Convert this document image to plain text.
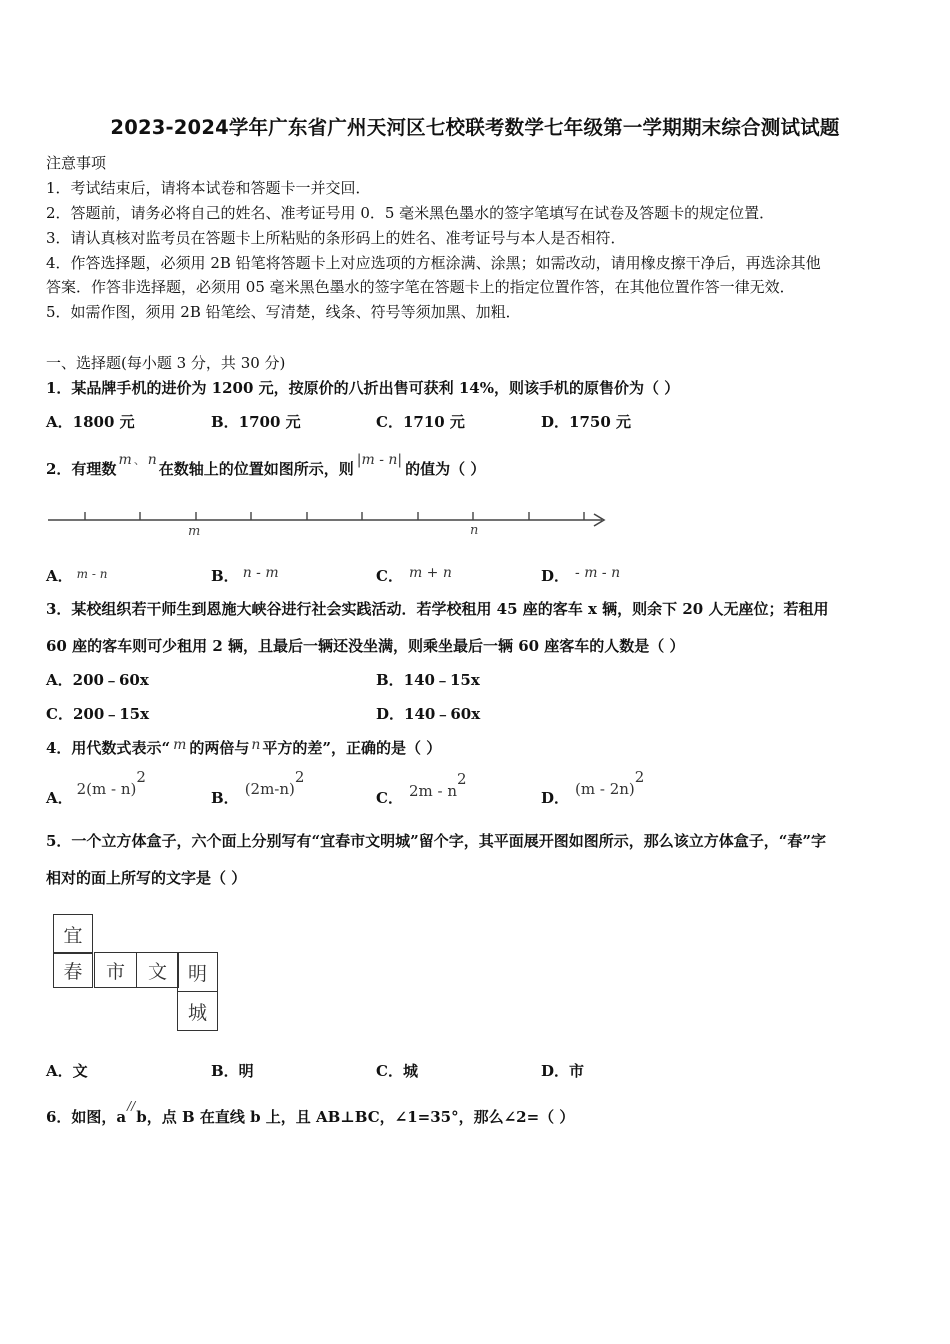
2023-2024学年广东省广州天河区七校联考数学七年级第一学期期末综合测试试题
注意事项
1．考试结束后，请将本试卷和答题卡一并交回．
2．答题前，请务必将自己的姓名、准考证号用 0．5 毫米黑色墨水的签字笔填写在试卷及答题卡的规定位置．
3．请认真核对监考员在答题卡上所粘贴的条形码上的姓名、准考证号与本人是否相符．
4．作答选择题，必须用 2B 铅笔将答题卡上对应选项的方框涂满、涂黑；如需改动，请用橡皮擦干净后，再选涂其他
答案．作答非选择题，必须用 05 毫米黑色墨水的签字笔在答题卡上的指定位置作答，在其他位置作答一律无效．
5．如需作图，须用 2B 铅笔绘、写清楚，线条、符号等须加黑、加粗．
一、选择题(每小题 3 分，共 30 分)
1．某品牌手机的进价为 1200 元，按原价的八折出售可获利 14%，则该手机的原售价为（ ）
A．1800 元	B．1700 元	C．1710 元	D．1750 元
2．有理数 m 、 n 在数轴上的位置如图所示，则 |m - n| 的值为（ ）
m	n
A． $^{m - n}$	B． n - m	C． m + n	D． - m - n
3．某校组织若干师生到恩施大峡谷进行社会实践活动．若学校租用 45 座的客车 x 辆，则余下 20 人无座位；若租用
60 座的客车则可少租用 2 辆，且最后一辆还没坐满，则乘坐最后一辆 60 座客车的人数是（ ）
A．200﹣60x	B．140﹣15x
C．200﹣15x	D．140﹣60x
4．用代数式表示“ m 的两倍与 n 平方的差”，正确的是（ ）
A． 2(m - n)$^2$
B． $(2m-n)^2$
C． $2m - n^2$
D． (m - 2n)$^2$
5．一个立方体盒子，六个面上分别写有“宜春市文明城”留个字，其平面展开图如图所示，那么该立方体盒子，“春”字
相对的面上所写的文字是（ ）
宜
春	市	文	明
城
A．文	B．明	C．城	D．市
6．如图，a//b，点 B 在直线 b 上，且 AB⊥BC，∠1=35°，那么∠2=（ ）
